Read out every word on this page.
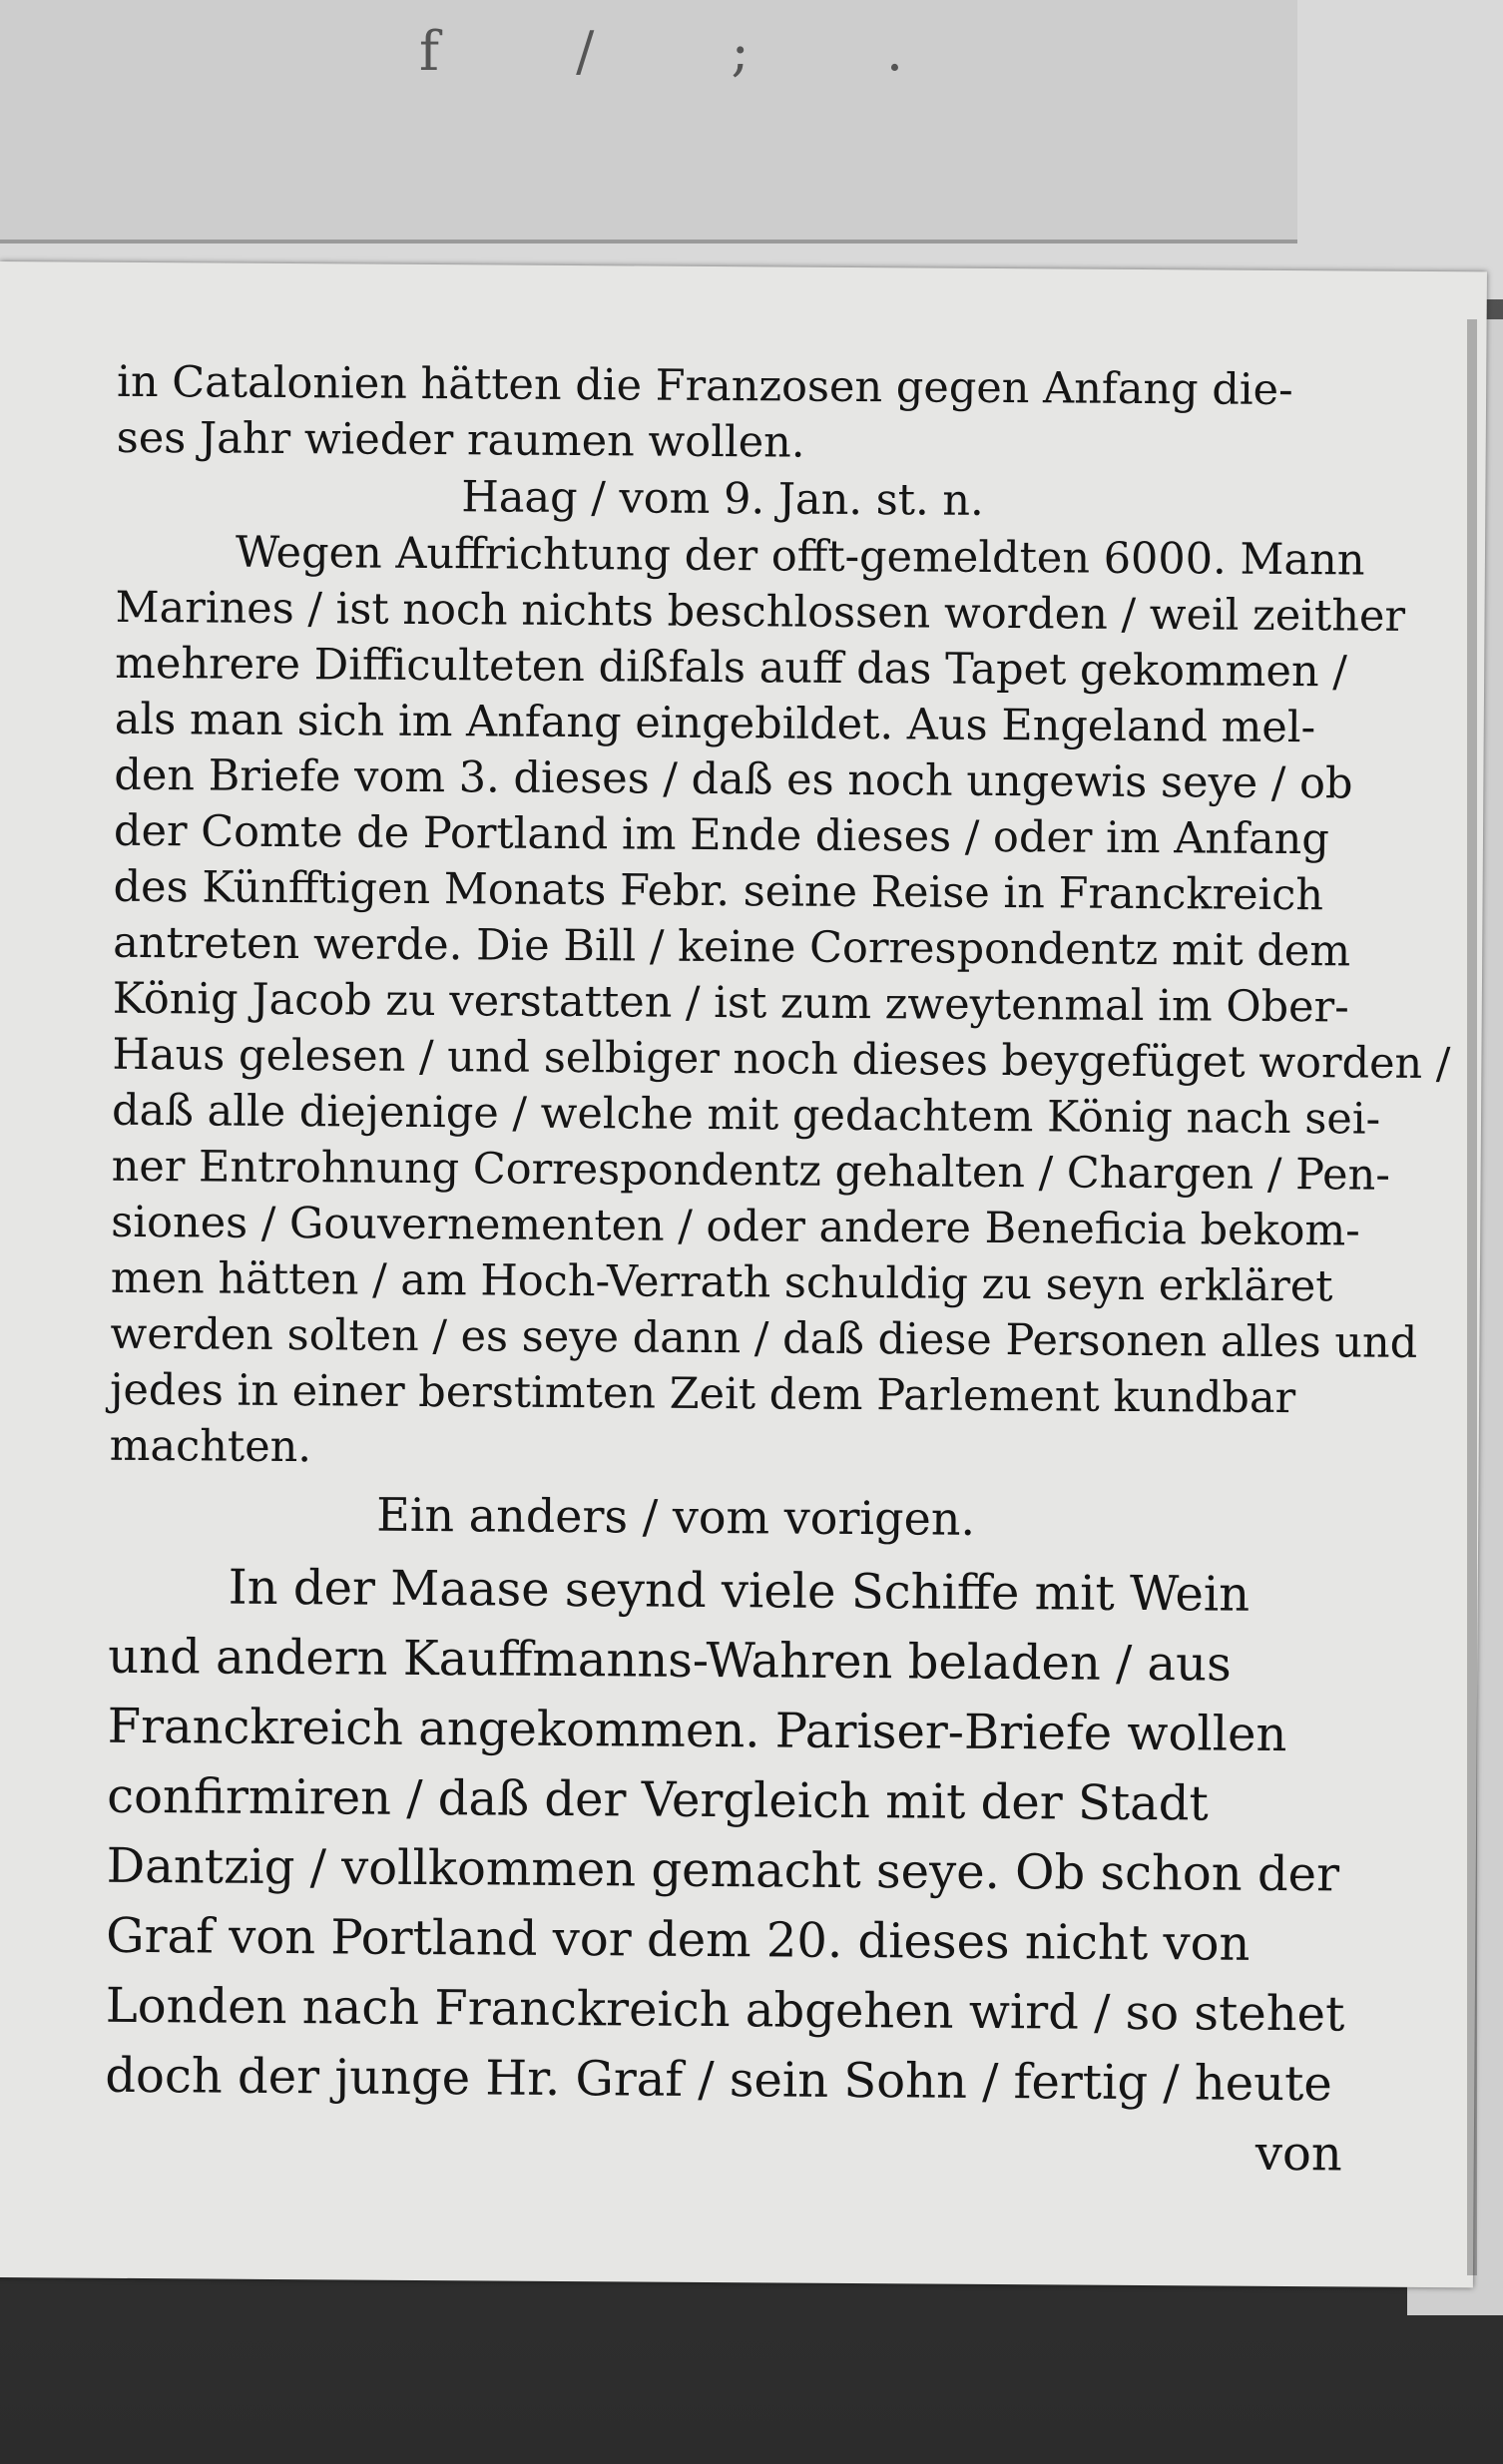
f / ; .
in Catalonien hätten die Franzosen gegen Anfang die-
ses Jahr wieder raumen wollen.
Haag / vom 9. Jan. st. n.
Wegen Auffrichtung der offt-gemeldten 6000. Mann
Marines / ist noch nichts beschlossen worden / weil zeither
mehrere Difficulteten dißfals auff das Tapet gekommen /
als man sich im Anfang eingebildet. Aus Engeland mel-
den Briefe vom 3. dieses / daß es noch ungewis seye / ob
der Comte de Portland im Ende dieses / oder im Anfang
des Künfftigen Monats Febr. seine Reise in Franckreich
antreten werde. Die Bill / keine Correspondentz mit dem
König Jacob zu verstatten / ist zum zweytenmal im Ober-
Haus gelesen / und selbiger noch dieses beygefüget worden /
daß alle diejenige / welche mit gedachtem König nach sei-
ner Entrohnung Correspondentz gehalten / Chargen / Pen-
siones / Gouvernementen / oder andere Beneficia bekom-
men hätten / am Hoch-Verrath schuldig zu seyn erkläret
werden solten / es seye dann / daß diese Personen alles und
jedes in einer berstimten Zeit dem Parlement kundbar
machten.
Ein anders / vom vorigen.
In der Maase seynd viele Schiffe mit Wein
und andern Kauffmanns-Wahren beladen / aus
Franckreich angekommen. Pariser-Briefe wollen
confirmiren / daß der Vergleich mit der Stadt
Dantzig / vollkommen gemacht seye. Ob schon der
Graf von Portland vor dem 20. dieses nicht von
Londen nach Franckreich abgehen wird / so stehet
doch der junge Hr. Graf / sein Sohn / fertig / heute
von
